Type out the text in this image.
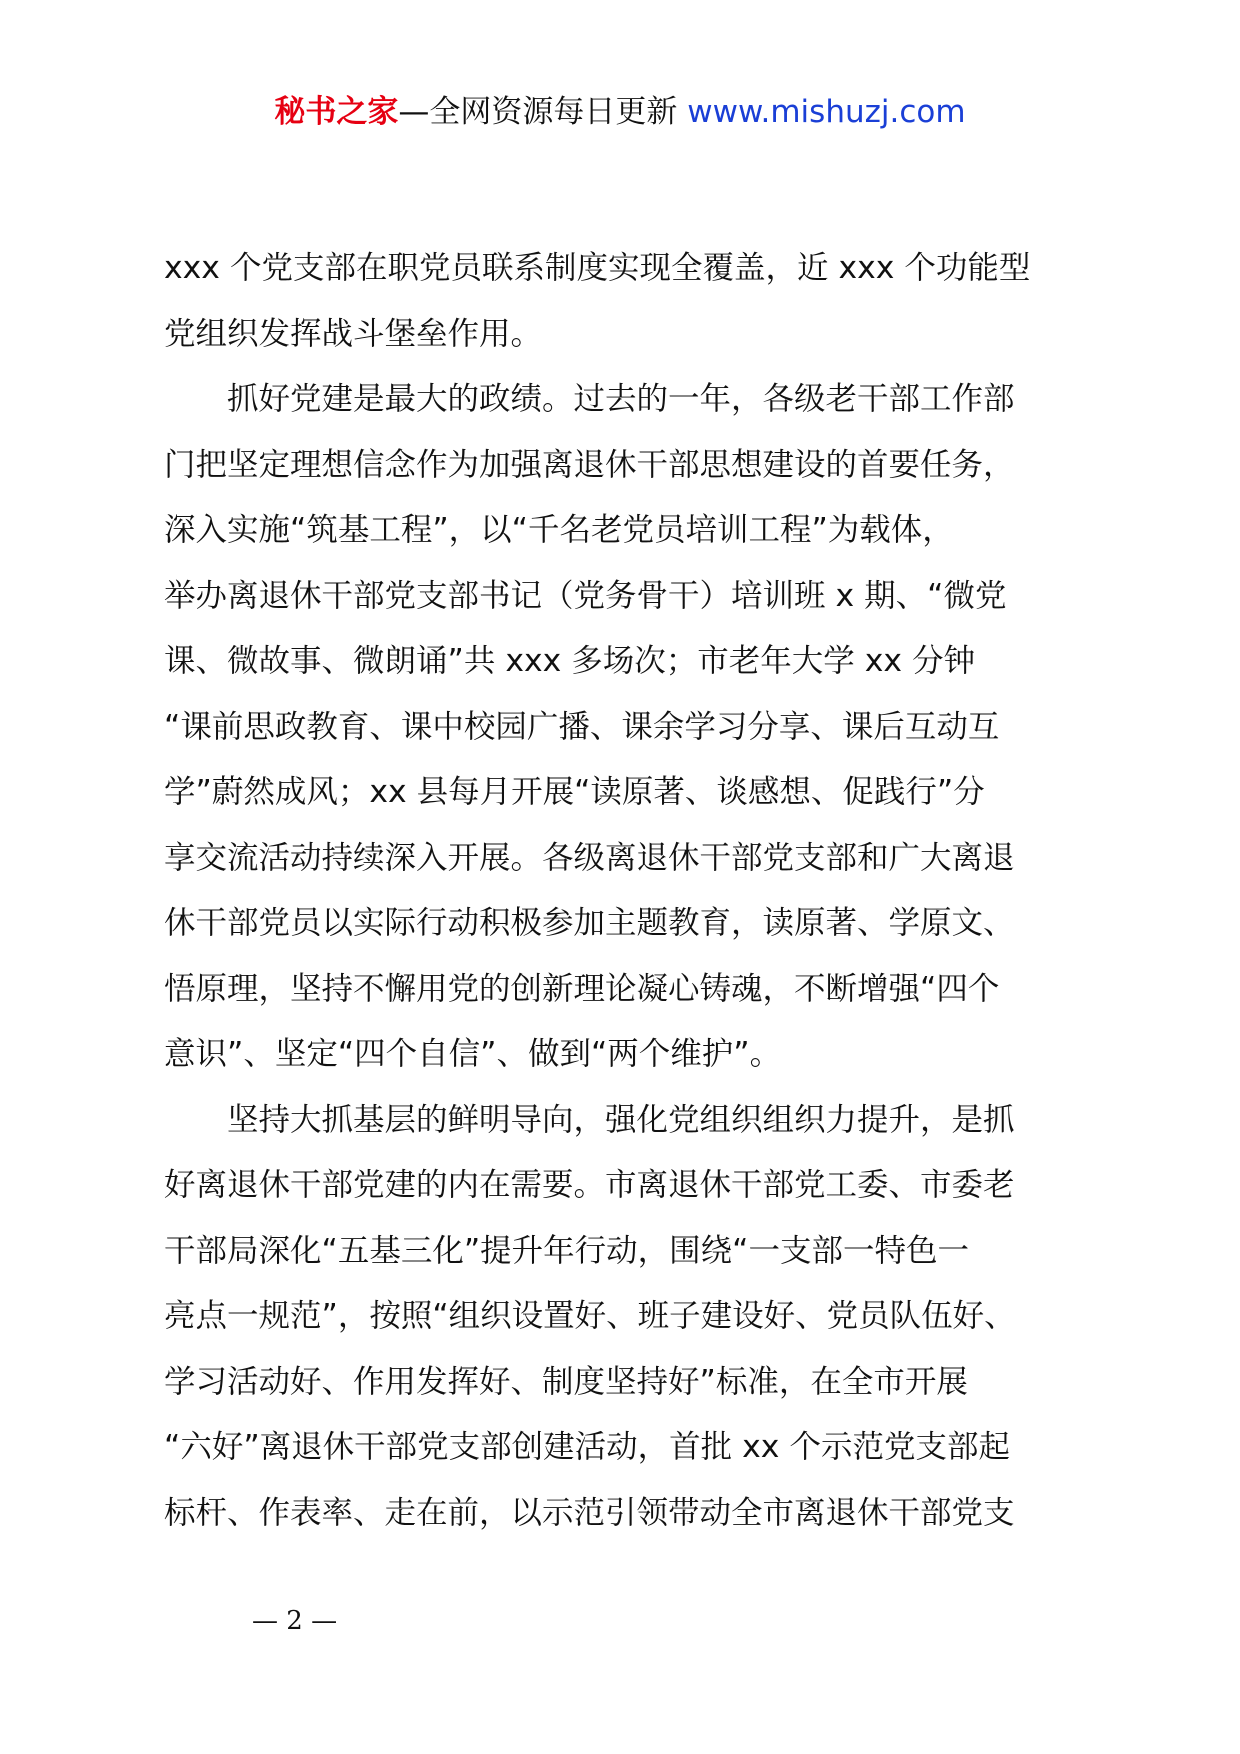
秘书之家—全网资源每日更新 www.mishuzj.com
xxx 个党支部在职党员联系制度实现全覆盖，近 xxx 个功能型
党组织发挥战斗堡垒作用。
　　抓好党建是最大的政绩。过去的一年，各级老干部工作部
门把坚定理想信念作为加强离退休干部思想建设的首要任务，
深入实施“筑基工程”，以“千名老党员培训工程”为载体，
举办离退休干部党支部书记（党务骨干）培训班 x 期、“微党
课、微故事、微朗诵”共 xxx 多场次；市老年大学 xx 分钟
“课前思政教育、课中校园广播、课余学习分享、课后互动互
学”蔚然成风；xx 县每月开展“读原著、谈感想、促践行”分
享交流活动持续深入开展。各级离退休干部党支部和广大离退
休干部党员以实际行动积极参加主题教育，读原著、学原文、
悟原理，坚持不懈用党的创新理论凝心铸魂，不断增强“四个
意识”、坚定“四个自信”、做到“两个维护”。
　　坚持大抓基层的鲜明导向，强化党组织组织力提升，是抓
好离退休干部党建的内在需要。市离退休干部党工委、市委老
干部局深化“五基三化”提升年行动，围绕“一支部一特色一
亮点一规范”，按照“组织设置好、班子建设好、党员队伍好、
学习活动好、作用发挥好、制度坚持好”标准，在全市开展
“六好”离退休干部党支部创建活动，首批 xx 个示范党支部起
标杆、作表率、走在前，以示范引领带动全市离退休干部党支
— 2 —
